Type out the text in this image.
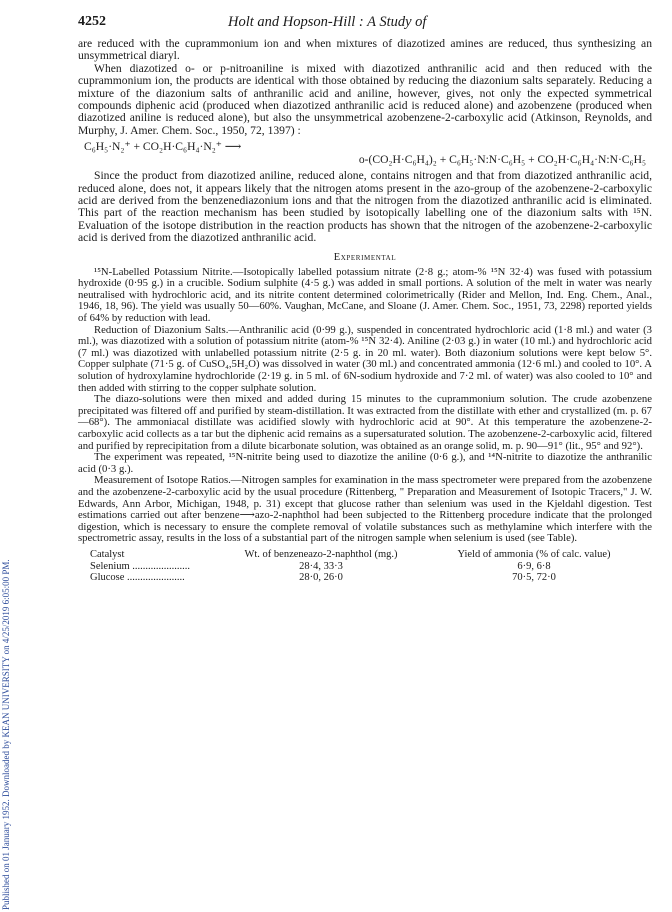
Published on 01 January 1952. Downloaded by KEAN UNIVERSITY on 4/25/2019 6:05:00 PM.
4252	Holt and Hopson-Hill : A Study of

are reduced with the cuprammonium ion and when mixtures of diazotized amines are reduced, thus synthesizing an unsymmetrical diaryl.

When diazotized o- or p-nitroaniline is mixed with diazotized anthranilic acid and then reduced with the cuprammonium ion, the products are identical with those obtained by reducing the diazonium salts separately. Reducing a mixture of the diazonium salts of anthranilic acid and aniline, however, gives, not only the expected symmetrical compounds diphenic acid (produced when diazotized anthranilic acid is reduced alone) and azobenzene (produced when diazotized aniline is reduced alone), but also the unsymmetrical azobenzene-2-carboxylic acid (Atkinson, Reynolds, and Murphy, J. Amer. Chem. Soc., 1950, 72, 1397) :

C₆H₅·N₂⁺ + CO₂H·C₆H₄·N₂⁺ ⟶
o-(CO₂H·C₆H₄)₂ + C₆H₅·N:N·C₆H₅ + CO₂H·C₆H₄·N:N·C₆H₅

Since the product from diazotized aniline, reduced alone, contains nitrogen and that from diazotized anthranilic acid, reduced alone, does not, it appears likely that the nitrogen atoms present in the azo-group of the azobenzene-2-carboxylic acid are derived from the benzenediazonium ions and that the nitrogen from the diazotized anthranilic acid is eliminated. This part of the reaction mechanism has been studied by isotopically labelling one of the diazonium salts with ¹⁵N. Evaluation of the isotope distribution in the reaction products has shown that the nitrogen of the azobenzene-2-carboxylic acid is derived from the diazotized anthranilic acid.

Experimental

¹⁵N-Labelled Potassium Nitrite.—Isotopically labelled potassium nitrate (2·8 g.; atom-% ¹⁵N 32·4) was fused with potassium hydroxide (0·95 g.) in a crucible. Sodium sulphite (4·5 g.) was added in small portions. A solution of the melt in water was nearly neutralised with hydrochloric acid, and its nitrite content determined colorimetrically (Rider and Mellon, Ind. Eng. Chem., Anal., 1946, 18, 96). The yield was usually 50—60%. Vaughan, McCane, and Sloane (J. Amer. Chem. Soc., 1951, 73, 2298) reported yields of 64% by reduction with lead.

Reduction of Diazonium Salts.—Anthranilic acid (0·99 g.), suspended in concentrated hydrochloric acid (1·8 ml.) and water (3 ml.), was diazotized with a solution of potassium nitrite (atom-% ¹⁵N 32·4). Aniline (2·03 g.) in water (10 ml.) and hydrochloric acid (7 ml.) was diazotized with unlabelled potassium nitrite (2·5 g. in 20 ml. water). Both diazonium solutions were kept below 5°. Copper sulphate (71·5 g. of CuSO₄,5H₂O) was dissolved in water (30 ml.) and concentrated ammonia (12·6 ml.) and cooled to 10°. A solution of hydroxylamine hydrochloride (2·19 g. in 5 ml. of 6N-sodium hydroxide and 7·2 ml. of water) was also cooled to 10° and then added with stirring to the copper sulphate solution.

The diazo-solutions were then mixed and added during 15 minutes to the cuprammonium solution. The crude azobenzene precipitated was filtered off and purified by steam-distillation. It was extracted from the distillate with ether and crystallized (m. p. 67—68°). The ammoniacal distillate was acidified slowly with hydrochloric acid at 90°. At this temperature the azobenzene-2-carboxylic acid collects as a tar but the diphenic acid remains as a supersaturated solution. The azobenzene-2-carboxylic acid, filtered and purified by reprecipitation from a dilute bicarbonate solution, was obtained as an orange solid, m. p. 90—91° (lit., 95° and 92°).

The experiment was repeated, ¹⁵N-nitrite being used to diazotize the aniline (0·6 g.), and ¹⁴N-nitrite to diazotize the anthranilic acid (0·3 g.).

Measurement of Isotope Ratios.—Nitrogen samples for examination in the mass spectrometer were prepared from the azobenzene and the azobenzene-2-carboxylic acid by the usual procedure (Rittenberg, " Preparation and Measurement of Isotopic Tracers," J. W. Edwards, Ann Arbor, Michigan, 1948, p. 31) except that glucose rather than selenium was used in the Kjeldahl digestion. Test estimations carried out after benzene⟶azo-2-naphthol had been subjected to the Rittenberg procedure indicate that the prolonged digestion, which is necessary to ensure the complete removal of volatile substances such as methylamine which interfere with the spectrometric assay, results in the loss of a substantial part of the nitrogen sample when selenium is used (see Table).

Catalyst	Wt. of benzeneazo-2-naphthol (mg.)	Yield of ammonia (% of calc. value)
Selenium ......................	28·4, 33·3	6·9, 6·8
Glucose ......................	28·0, 26·0	70·5, 72·0
